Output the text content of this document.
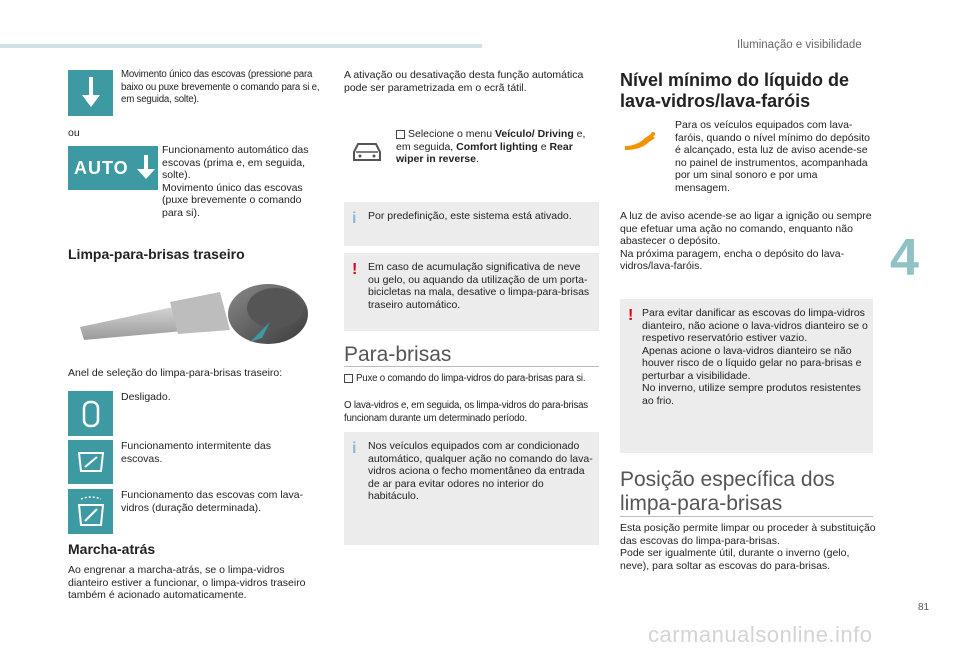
Iluminação e visibilidade
4
81
carmanualsonline.info
Movimento único das escovas (pressione para baixo ou puxe brevemente o comando para si e, em seguida, solte).
ou
AUTO
Funcionamento automático das escovas (prima e, em seguida, solte).
Movimento único das escovas (puxe brevemente o comando para si).
Limpa-para-brisas traseiro
Anel de seleção do limpa-para-brisas traseiro:
Desligado.
Funcionamento intermitente das escovas.
Funcionamento das escovas com lava-vidros (duração determinada).
Marcha-atrás
Ao engrenar a marcha-atrás, se o limpa-vidros dianteiro estiver a funcionar, o limpa-vidros traseiro também é acionado automaticamente.
A ativação ou desativação desta função automática pode ser parametrizada em o ecrã tátil.
Selecione o menu Veículo/ Driving e, em seguida, Comfort lighting e Rear wiper in reverse.
i Por predefinição, este sistema está ativado.
! Em caso de acumulação significativa de neve ou gelo, ou aquando da utilização de um porta-bicicletas na mala, desative o limpa-para-brisas traseiro automático.
Para-brisas
Puxe o comando do limpa-vidros do para-brisas para si.
O lava-vidros e, em seguida, os limpa-vidros do para-brisas funcionam durante um determinado período.
i Nos veículos equipados com ar condicionado automático, qualquer ação no comando do lava-vidros aciona o fecho momentâneo da entrada de ar para evitar odores no interior do habitáculo.
Nível mínimo do líquido de lava-vidros/lava-faróis
Para os veículos equipados com lava-faróis, quando o nível mínimo do depósito é alcançado, esta luz de aviso acende-se no painel de instrumentos, acompanhada por um sinal sonoro e por uma mensagem.
A luz de aviso acende-se ao ligar a ignição ou sempre que efetuar uma ação no comando, enquanto não abastecer o depósito.
Na próxima paragem, encha o depósito do lava-vidros/lava-faróis.
! Para evitar danificar as escovas do limpa-vidros dianteiro, não acione o lava-vidros dianteiro se o respetivo reservatório estiver vazio.
Apenas acione o lava-vidros dianteiro se não houver risco de o líquido gelar no para-brisas e perturbar a visibilidade.
No inverno, utilize sempre produtos resistentes ao frio.
Posição específica dos limpa-para-brisas
Esta posição permite limpar ou proceder à substituição das escovas do limpa-para-brisas.
Pode ser igualmente útil, durante o inverno (gelo, neve), para soltar as escovas do para-brisas.
